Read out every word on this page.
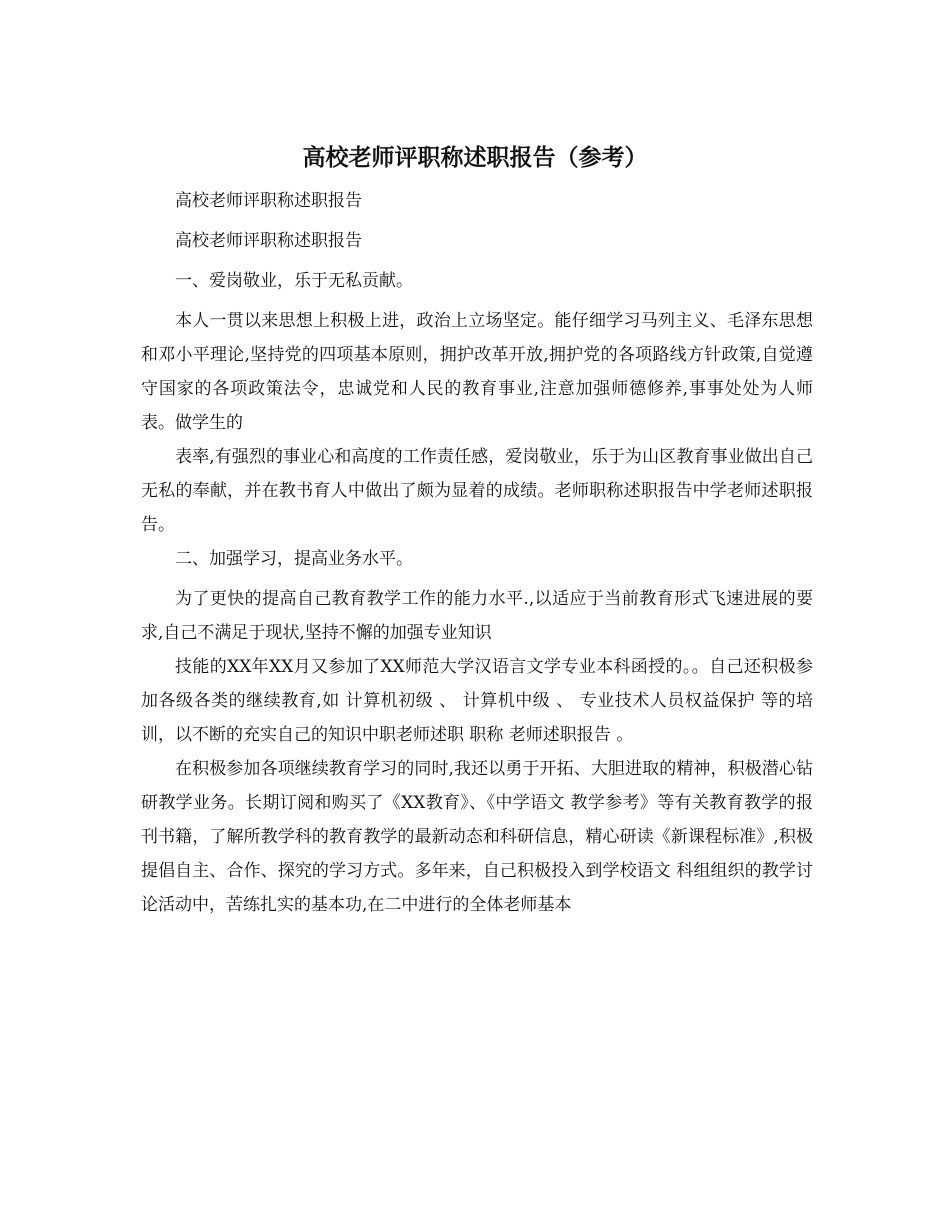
高校老师评职称述职报告（参考）

高校老师评职称述职报告

高校老师评职称述职报告

一、爱岗敬业，乐于无私贡献。

本人一贯以来思想上积极上进，政治上立场坚定。能仔细学习马列主义、毛泽东思想和邓小平理论,坚持党的四项基本原则，拥护改革开放,拥护党的各项路线方针政策,自觉遵守国家的各项政策法令，忠诚党和人民的教育事业,注意加强师德修养,事事处处为人师表。做学生的

表率,有强烈的事业心和高度的工作责任感，爱岗敬业，乐于为山区教育事业做出自己无私的奉献，并在教书育人中做出了颇为显着的成绩。老师职称述职报告中学老师述职报告。

二、加强学习，提高业务水平。

为了更快的提高自己教育教学工作的能力水平.,以适应于当前教育形式飞速进展的要求,自己不满足于现状,坚持不懈的加强专业知识

技能的XX年XX月又参加了XX师范大学汉语言文学专业本科函授的。。自己还积极参加各级各类的继续教育,如 计算机初级 、 计算机中级 、 专业技术人员权益保护 等的培训，以不断的充实自己的知识中职老师述职 职称 老师述职报告 。

在积极参加各项继续教育学习的同时,我还以勇于开拓、大胆进取的精神，积极潜心钻研教学业务。长期订阅和购买了《XX教育》、《中学语文 教学参考》等有关教育教学的报刊书籍，了解所教学科的教育教学的最新动态和科研信息，精心研读《新课程标准》,积极提倡自主、合作、探究的学习方式。多年来，自己积极投入到学校语文 科组组织的教学讨论活动中，苦练扎实的基本功,在二中进行的全体老师基本
